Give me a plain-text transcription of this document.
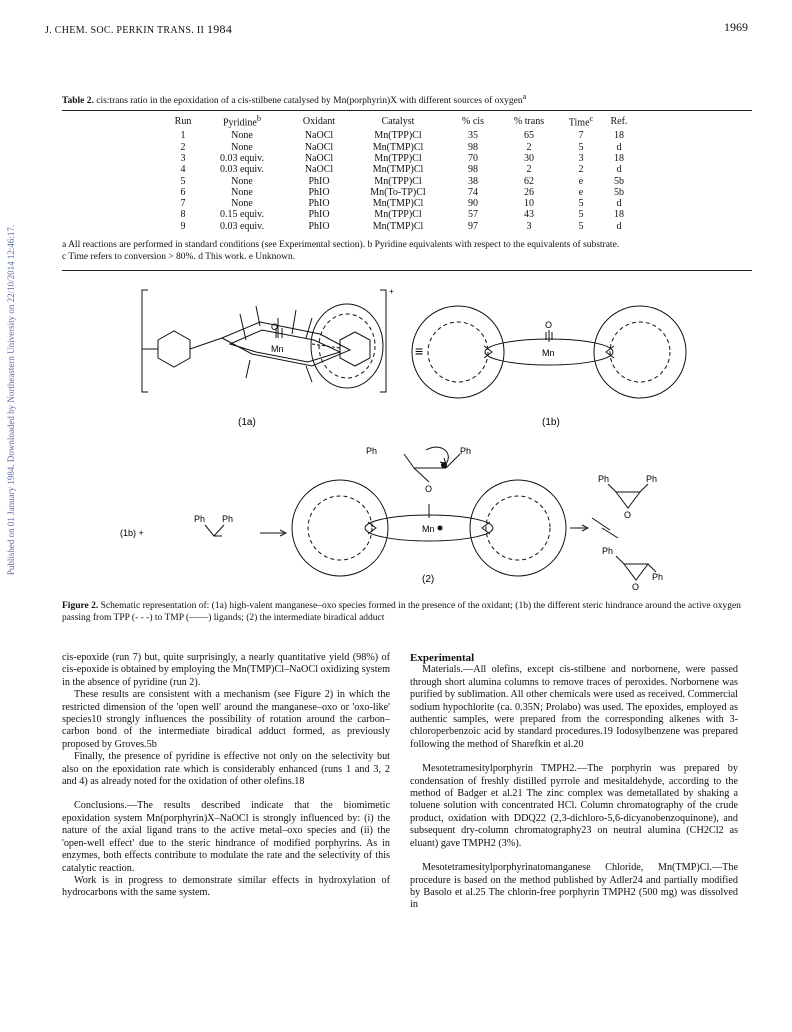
Published on 01 January 1984. Downloaded by Northeastern University on 22/10/2014 12:46:17.
J. CHEM. SOC. PERKIN TRANS. II 1984	1969
Table 2. cis:trans ratio in the epoxidation of a cis-stilbene catalysed by Mn(porphyrin)X with different sources of oxygen$^a$
Run	Pyridine$^b$	Oxidant	Catalyst	% cis	% trans	Time$^c$	Ref.
1	None	NaOCl	Mn(TPP)Cl	35	65	7	18
2	None	NaOCl	Mn(TMP)Cl	98	2	5	d
3	0.03 equiv.	NaOCl	Mn(TPP)Cl	70	30	3	18
4	0.03 equiv.	NaOCl	Mn(TMP)Cl	98	2	2	d
5	None	PhIO	Mn(TPP)Cl	38	62	e	5b
6	None	PhIO	Mn(To-TP)Cl	74	26	e	5b
7	None	PhIO	Mn(TMP)Cl	90	10	5	d
8	0.15 equiv.	PhIO	Mn(TPP)Cl	57	43	5	18
9	0.03 equiv.	PhIO	Mn(TMP)Cl	97	3	5	d
a All reactions are performed in standard conditions (see Experimental section). b Pyridine equivalents with respect to the equivalents of substrate.
c Time refers to conversion > 80%. d This work. e Unknown.
Mn
O
+
≡	Mn
O
(1a)	(1b)
Ph	Ph
O
Mn
(2)
(1b) +
Ph Ph
Ph	Ph
O
Ph
Ph
O
Figure 2. Schematic representation of: (1a) high-valent manganese–oxo species formed in the presence of the oxidant; (1b) the different steric hindrance around the active oxygen passing from TPP (- - -) to TMP (——) ligands; (2) the intermediate biradical adduct

cis-epoxide (run 7) but, quite surprisingly, a nearly quantitative yield (98%) of cis-epoxide is obtained by employing the Mn(TMP)Cl–NaOCl oxidizing system in the absence of pyridine (run 2).

These results are consistent with a mechanism (see Figure 2) in which the restricted dimension of the 'open well' around the manganese–oxo or 'oxo-like' species10 strongly influences the possibility of rotation around the carbon–carbon bond of the intermediate biradical adduct formed, as previously proposed by Groves.5b

Finally, the presence of pyridine is effective not only on the selectivity but also on the epoxidation rate which is considerably enhanced (runs 1 and 3, 2 and 4) as already noted for the oxidation of other olefins.18

Conclusions.—The results described indicate that the biomimetic epoxidation system Mn(porphyrin)X–NaOCl is strongly influenced by: (i) the nature of the axial ligand trans to the active metal–oxo species and (ii) the 'open-well effect' due to the steric hindrance of modified porphyrins. As in enzymes, both effects contribute to modulate the rate and the selectivity of this catalytic reaction.

Work is in progress to demonstrate similar effects in hydroxylation of hydrocarbons with the same system.

Experimental

Materials.—All olefins, except cis-stilbene and norbornene, were passed through short alumina columns to remove traces of peroxides. Norbornene was purified by sublimation. All other chemicals were used as received. Commercial sodium hypochlorite (ca. 0.35N; Prolabo) was used. The epoxides, employed as authentic samples, were prepared from the corresponding alkenes with 3-chloroperbenzoic acid by standard procedures.19 Iodosylbenzene was prepared following the method of Sharefkin et al.20

Mesotetramesitylporphyrin TMPH2.—The porphyrin was prepared by condensation of freshly distilled pyrrole and mesitaldehyde, according to the method of Badger et al.21 The zinc complex was demetallated by shaking a toluene solution with concentrated HCl. Column chromatography of the crude product, oxidation with DDQ22 (2,3-dichloro-5,6-dicyanobenzoquinone), and subsequent dry-column chromatography23 on neutral alumina (CH2Cl2 as eluant) gave TMPH2 (3%).

Mesotetramesitylporphyrinatomanganese Chloride, Mn(TMP)Cl.—The procedure is based on the method published by Adler24 and partially modified by Basolo et al.25 The chlorin-free porphyrin TMPH2 (500 mg) was dissolved in
